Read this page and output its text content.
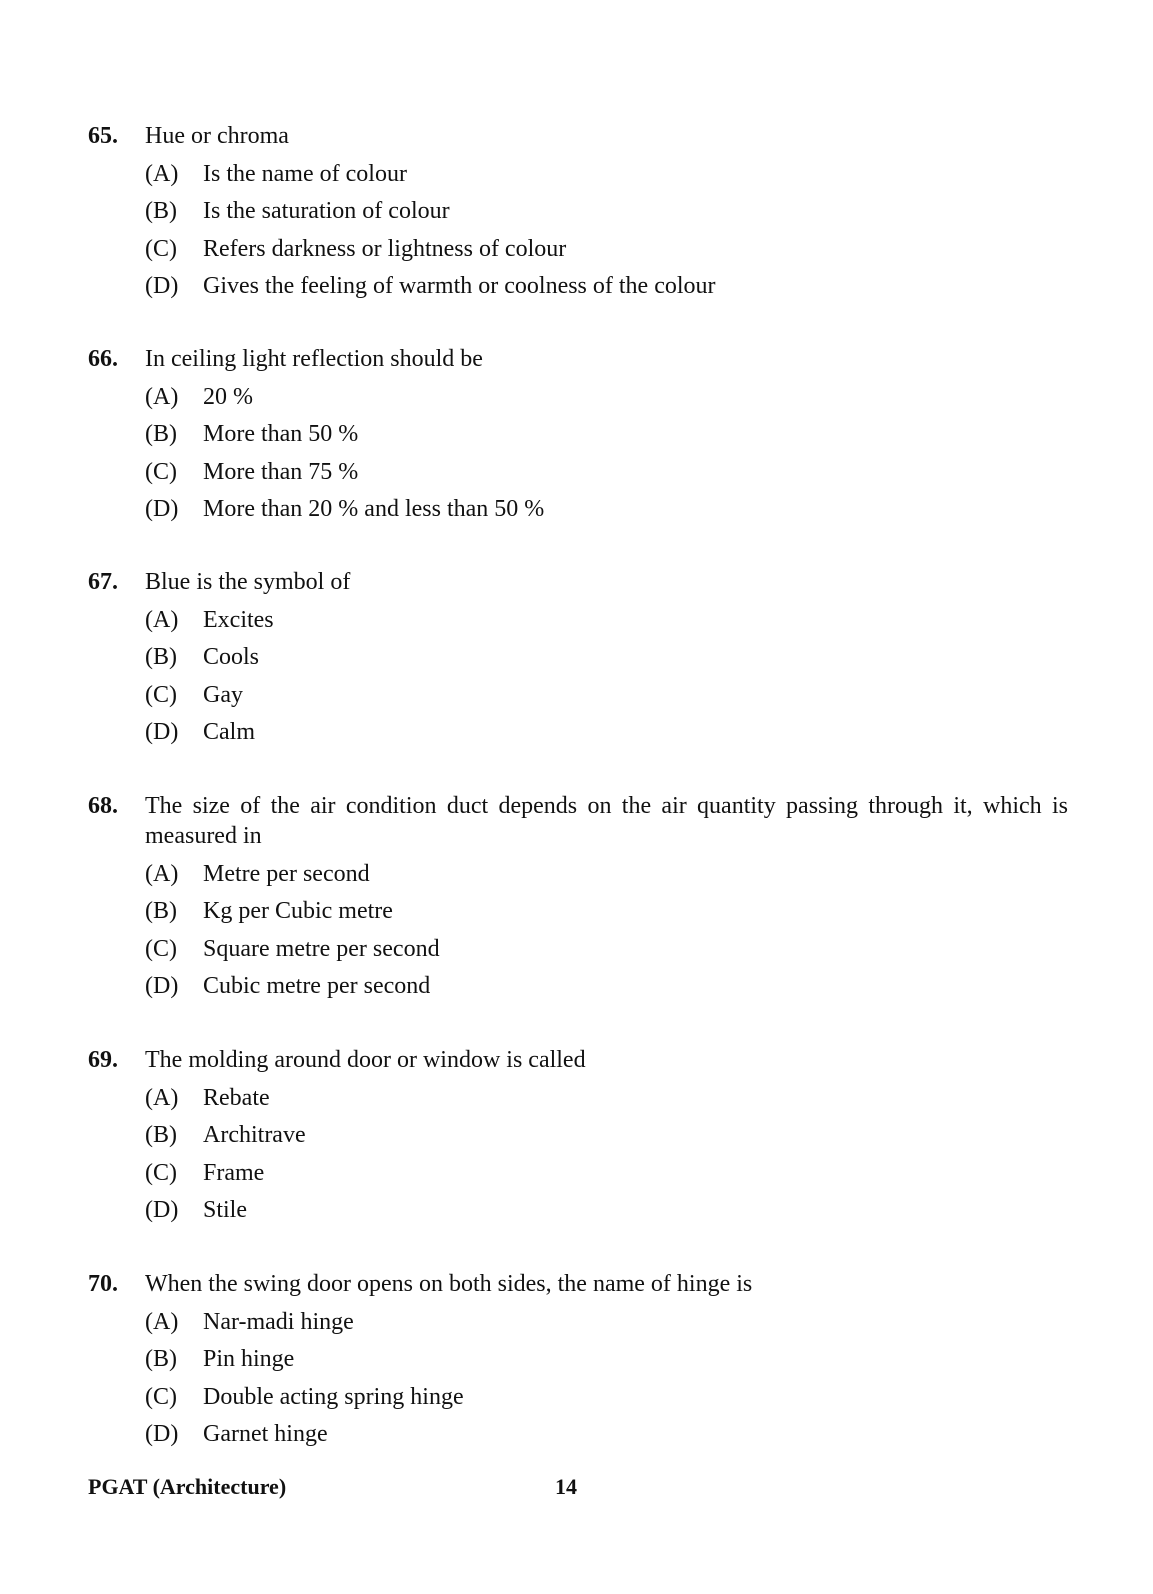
65.	Hue or chroma
(A)	Is the name of colour
(B)	Is the saturation of colour
(C)	Refers darkness or lightness of colour
(D)	Gives the feeling of warmth or coolness of the colour
66.	In ceiling light reflection should be
(A)	20 %
(B)	More than 50 %
(C)	More than 75 %
(D)	More than 20 % and less than 50 %
67.	Blue is the symbol of
(A)	Excites
(B)	Cools
(C)	Gay
(D)	Calm
68.	The size of the air condition duct depends on the air quantity passing through it, which is measured in
(A)	Metre per second
(B)	Kg per Cubic metre
(C)	Square metre per second
(D)	Cubic metre per second
69.	The molding around door or window is called
(A)	Rebate
(B)	Architrave
(C)	Frame
(D)	Stile
70.	When the swing door opens on both sides, the name of hinge is
(A)	Nar-madi hinge
(B)	Pin hinge
(C)	Double acting spring hinge
(D)	Garnet hinge
PGAT (Architecture)	14
